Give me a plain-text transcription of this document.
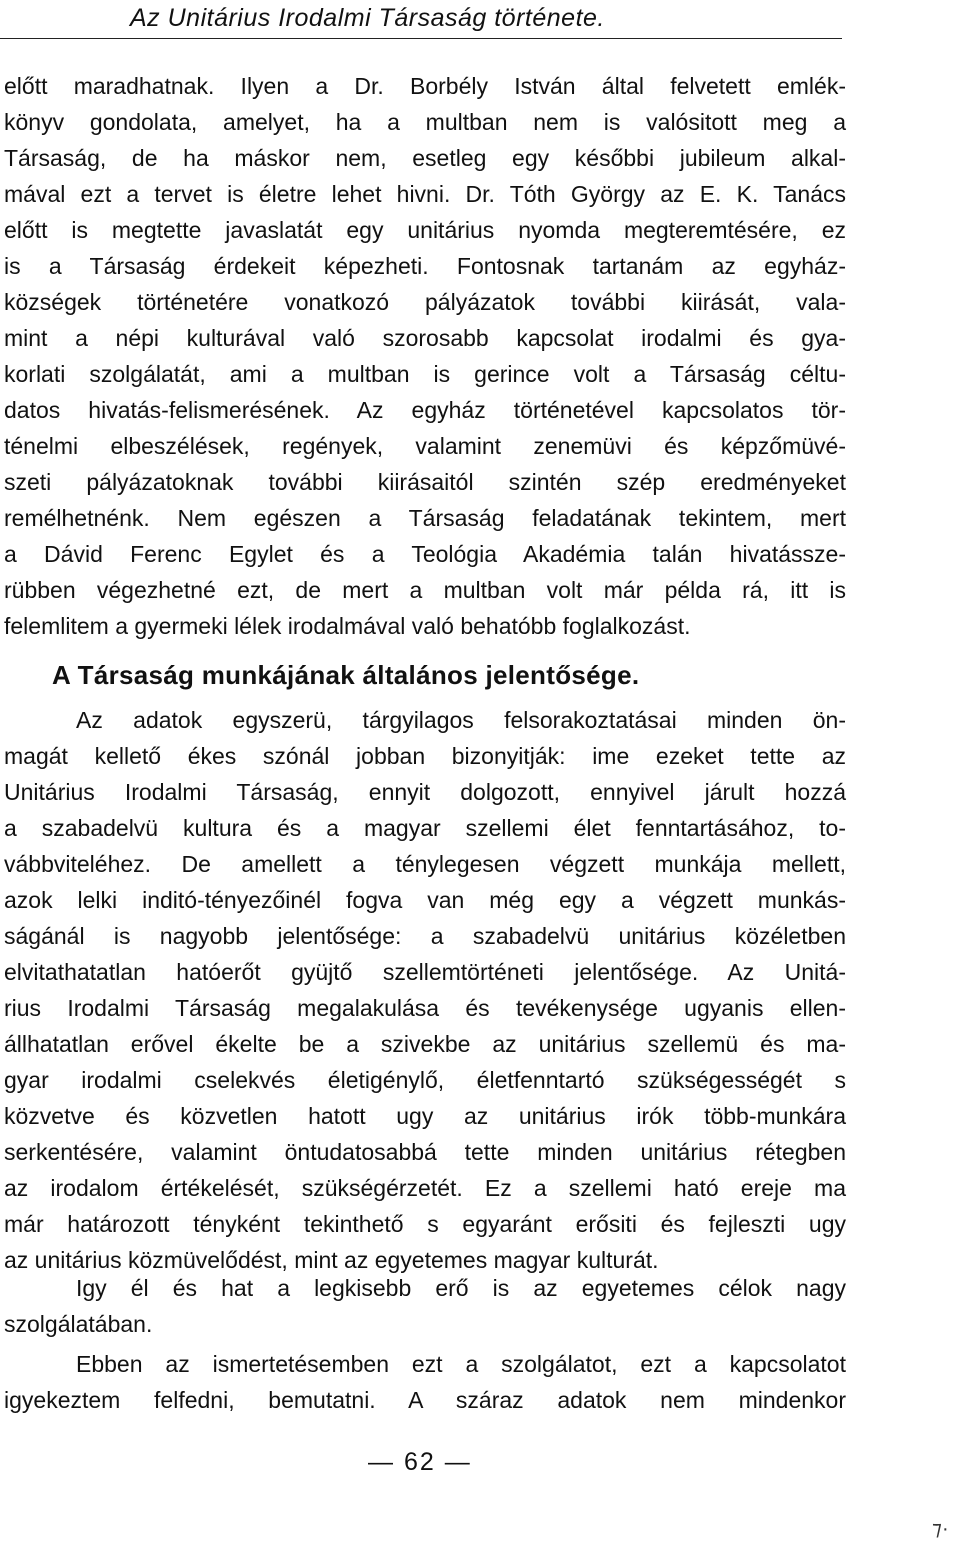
Az Unitárius Irodalmi Társaság története.
előtt maradhatnak. Ilyen a Dr. Borbély István által felvetett emlék-
könyv gondolata, amelyet, ha a multban nem is valósitott meg a
Társaság, de ha máskor nem, esetleg egy későbbi jubileum alkal-
mával ezt a tervet is életre lehet hivni. Dr. Tóth György az E. K. Tanács
előtt is megtette javaslatát egy unitárius nyomda megteremtésére, ez
is a Társaság érdekeit képezheti. Fontosnak tartanám az egyház-
községek történetére vonatkozó pályázatok további kiirását, vala-
mint a népi kulturával való szorosabb kapcsolat irodalmi és gya-
korlati szolgálatát, ami a multban is gerince volt a Társaság céltu-
datos hivatás-felismerésének. Az egyház történetével kapcsolatos tör-
ténelmi elbeszélések, regények, valamint zenemüvi és képzőmüvé-
szeti pályázatoknak további kiirásaitól szintén szép eredményeket
remélhetnénk. Nem egészen a Társaság feladatának tekintem, mert
a Dávid Ferenc Egylet és a Teológia Akadémia talán hivatássze-
rübben végezhetné ezt, de mert a multban volt már példa rá, itt is
felemlitem a gyermeki lélek irodalmával való behatóbb foglalkozást.
A Társaság munkájának általános jelentősége.
Az adatok egyszerü, tárgyilagos felsorakoztatásai minden ön-
magát kellető ékes szónál jobban bizonyitják: ime ezeket tette az
Unitárius Irodalmi Társaság, ennyit dolgozott, ennyivel járult hozzá
a szabadelvü kultura és a magyar szellemi élet fenntartásához, to-
vábbviteléhez. De amellett a ténylegesen végzett munkája mellett,
azok lelki inditó-tényezőinél fogva van még egy a végzett munkás-
ságánál is nagyobb jelentősége: a szabadelvü unitárius közéletben
elvitathatatlan hatóerőt gyüjtő szellemtörténeti jelentősége. Az Unitá-
rius Irodalmi Társaság megalakulása és tevékenysége ugyanis ellen-
állhatatlan erővel ékelte be a szivekbe az unitárius szellemü és ma-
gyar irodalmi cselekvés életigénylő, életfenntartó szükségességét s
közvetve és közvetlen hatott ugy az unitárius irók több-munkára
serkentésére, valamint öntudatosabbá tette minden unitárius rétegben
az irodalom értékelését, szükségérzetét. Ez a szellemi ható ereje ma
már határozott tényként tekinthető s egyaránt erősiti és fejleszti ugy
az unitárius közmüvelődést, mint az egyetemes magyar kulturát.
Igy él és hat a legkisebb erő is az egyetemes célok nagy
szolgálatában.
Ebben az ismertetésemben ezt a szolgálatot, ezt a kapcsolatot
igyekeztem felfedni, bemutatni. A száraz adatok nem mindenkor
— 62 —
⁊·
